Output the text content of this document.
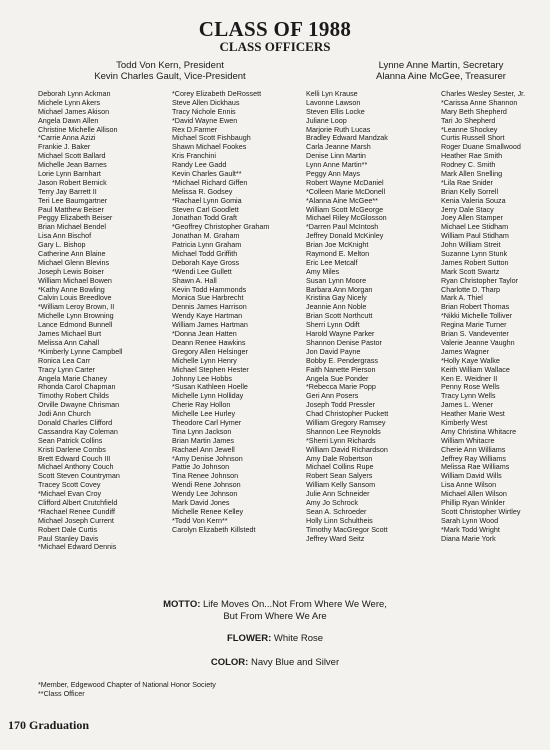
CLASS OF 1988
CLASS OFFICERS
Todd Von Kern, President
Kevin Charles Gault, Vice-President
Lynne Anne Martin, Secretary
Alanna Aine McGee, Treasurer
Deborah Lynn Ackman
Michele Lynn Akers
Michael James Akison
Angela Dawn Allen
Christine Michelle Allison
*Carrie Anna Azizi
Frankie J. Baker
Michael Scott Ballard
Michelle Jean Barnes
Lorie Lynn Barnhart
Jason Robert Bernick
Terry Jay Barrett II
Teri Lee Baumgartner
Paul Matthew Beiser
Peggy Elizabeth Beiser
Brian Michael Bendel
Lisa Ann Bischof
Gary L. Bishop
Catherine Ann Blaine
Michael Glenn Blevins
Joseph Lewis Boiser
William Michael Bowen
*Kathy Anne Bowling
Calvin Louis Breedlove
*William Leroy Brown, II
Michelle Lynn Browning
Lance Edmond Bunnell
James Michael Burt
Melissa Ann Cahall
*Kimberly Lynne Campbell
Ronica Lea Carr
Tracy Lynn Carter
Angela Marie Chaney
Rhonda Carol Chapman
Timothy Robert Childs
Orville Dwayne Chrisman
Jodi Ann Church
Donald Charles Clifford
Cassandra Kay Coleman
Sean Patrick Collins
Kristi Darlene Combs
Brett Edward Couch III
Michael Anthony Couch
Scott Steven Countryman
Tracey Scott Covey
*Michael Evan Croy
Clifford Albert Crutchfield
*Rachael Renee Cundiff
Michael Joseph Current
Robert Dale Curtis
Paul Stanley Davis
*Michael Edward Dennis
*Corey Elizabeth DeRossett
Steve Allen Dickhaus
Tracy Nichole Ennis
*David Wayne Ewen
Rex D.Farmer
Michael Scott Fishbaugh
Shawn Michael Fookes
Kris Franchini
Randy Lee Gadd
Kevin Charles Gault**
*Michael Richard Giffen
Melissa R. Godsey
*Rachael Lynn Gomia
Steven Carl Goodlett
Jonathan Todd Graft
*Geoffrey Christopher Graham
Jonathan M. Graham
Patricia Lynn Graham
Michael Todd Griffith
Deborah Kaye Gross
*Wendi Lee Gullett
Shawn A. Hall
Kevin Todd Hammonds
Monica Sue Harbrecht
Dennis James Harrison
Wendy Kaye Hartman
William James Hartman
*Donna Jean Hatten
Deann Renee Hawkins
Gregory Allen Helsinger
Michelle Lynn Henry
Michael Stephen Hester
Johnny Lee Hobbs
*Susan Kathleen Hoelle
Michelle Lynn Holliday
Cherie Ray Hollon
Michelle Lee Hurley
Theodore Carl Hymer
Tina Lynn Jackson
Brian Martin James
Rachael Ann Jewell
*Amy Denise Johnson
Pattie Jo Johnson
Tina Renee Johnson
Wendi Rene Johnson
Wendy Lee Johnson
Mark David Jones
Michelle Renee Kelley
*Todd Von Kern**
Carolyn Elizabeth Killstedt
Kelli Lyn Krause
Lavonne Lawson
Steven Ellis Locke
Juliane Loop
Marjorie Ruth Lucas
Bradley Edward Mandzak
Carla Jeanne Marsh
Denise Linn Martin
Lynn Anne Martin**
Peggy Ann Mays
Robert Wayne McDaniel
*Colleen Marie McDonell
*Alanna Aine McGee**
William Scott McGeorge
Michael Riley McGlosson
*Darren Paul McIntosh
Jeffrey Donald McKinley
Brian Joe McKnight
Raymond E. Melton
Eric Lee Metcalf
Amy Miles
Susan Lynn Moore
Barbara Ann Morgan
Kristina Gay Nicely
Jeannie Ann Noble
Brian Scott Northcutt
Sherri Lynn Odift
Harold Wayne Parker
Shannon Denise Pastor
Jon David Payne
Bobby E. Pendergrass
Faith Nanette Pierson
Angela Sue Ponder
*Rebecca Marie Popp
Geri Ann Posers
Joseph Todd Pressler
Chad Christopher Puckett
William Gregory Ramsey
Shannon Lee Reynolds
*Sherri Lynn Richards
William David Richardson
Amy Dale Robertson
Michael Collins Rupe
Robert Sean Salyers
William Kelly Sansom
Julie Ann Schneider
Amy Jo Schrock
Sean A. Schroeder
Holly Linn Schultheis
Timothy MacGregor Scott
Jeffrey Ward Seitz
Charles Wesley Sester, Jr.
*Carissa Anne Shannon
Mary Beth Shepherd
Tari Jo Shepherd
*Leanne Shockey
Curtis Russell Short
Roger Duane Smallwood
Heather Rae Smith
Rodney C. Smith
Mark Allen Snelling
*Lila Rae Snider
Brian Kelly Sorrell
Kenia Valeria Souza
Jerry Dale Stacy
Joey Allen Stamper
Michael Lee Stidham
William Paul Stidham
John William Streit
Suzanne Lynn Stunk
James Robert Sutton
Mark Scott Swartz
Ryan Christopher Taylor
Charlotte D. Tharp
Mark A. Thiel
Brian Robert Thomas
*Nikki Michelle Tolliver
Regina Marie Turner
Brian S. Vandeventer
Valerie Jeanne Vaughn
James Wagner
*Holly Kaye Walke
Keith William Wallace
Ken E. Weidner II
Penny Rose Wells
Tracy Lynn Wells
James L. Wener
Heather Marie West
Kimberly West
Amy Christina Whitacre
William Whitacre
Cherie Ann Williams
Jeffrey Ray Williams
Melissa Rae Williams
William David Wills
Lisa Anne Wilson
Michael Allen Wilson
Phillip Ryan Winkler
Scott Christopher Wirtley
Sarah Lynn Wood
*Mark Todd Wright
Diana Marie York
MOTTO: Life Moves On...Not From Where We Were,
But From Where We Are
FLOWER: White Rose
COLOR: Navy Blue and Silver
*Member, Edgewood Chapter of National Honor Society
**Class Officer
170 Graduation
